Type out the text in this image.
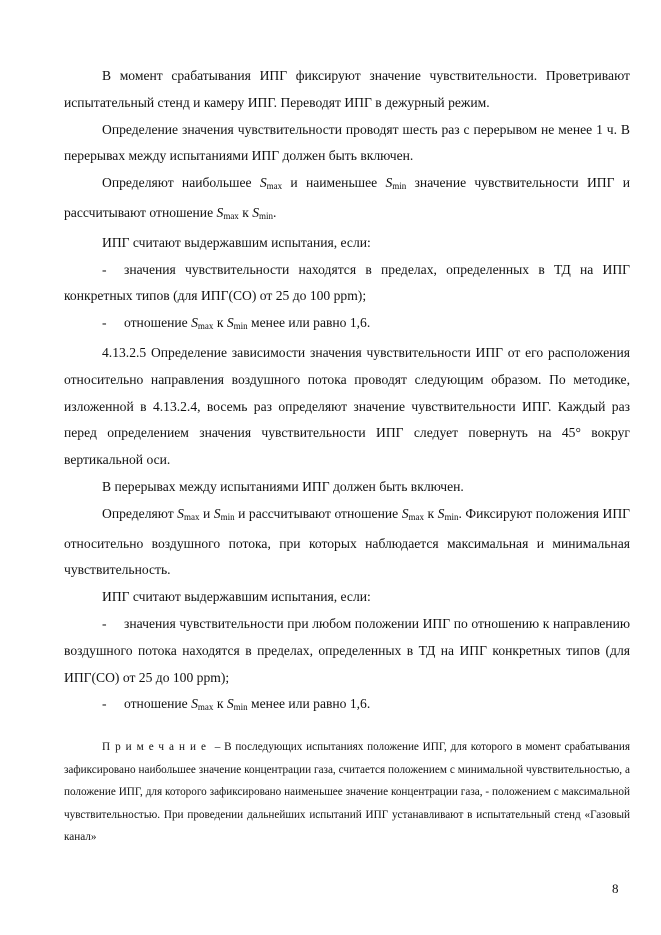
В момент срабатывания ИПГ фиксируют значение чувствительности. Проветривают испытательный стенд и камеру ИПГ. Переводят ИПГ в дежурный режим.

Определение значения чувствительности проводят шесть раз с перерывом не менее 1 ч. В перерывах между испытаниями ИПГ должен быть включен.

Определяют наибольшее $S_{max}$ и наименьшее $S_{min}$ значение чувствительности ИПГ и рассчитывают отношение $S_{max}$ к $S_{min}$.

ИПГ считают выдержавшим испытания, если:

- значения чувствительности находятся в пределах, определенных в ТД на ИПГ конкретных типов (для ИПГ(СО) от 25 до 100 ppm);

- отношение $S_{max}$ к $S_{min}$ менее или равно 1,6.

4.13.2.5 Определение зависимости значения чувствительности ИПГ от его расположения относительно направления воздушного потока проводят следующим образом. По методике, изложенной в 4.13.2.4, восемь раз определяют значение чувствительности ИПГ. Каждый раз перед определением значения чувствительности ИПГ следует повернуть на 45° вокруг вертикальной оси.

В перерывах между испытаниями ИПГ должен быть включен.

Определяют $S_{max}$ и $S_{min}$ и рассчитывают отношение $S_{max}$ к $S_{min}$. Фиксируют положения ИПГ относительно воздушного потока, при которых наблюдается максимальная и минимальная чувствительность.

ИПГ считают выдержавшим испытания, если:

- значения чувствительности при любом положении ИПГ по отношению к направлению воздушного потока находятся в пределах, определенных в ТД на ИПГ конкретных типов (для ИПГ(СО) от 25 до 100 ppm);

- отношение $S_{max}$ к $S_{min}$ менее или равно 1,6.

Примечание – В последующих испытаниях положение ИПГ, для которого в момент срабатывания зафиксировано наибольшее значение концентрации газа, считается положением с минимальной чувствительностью, а положение ИПГ, для которого зафиксировано наименьшее значение концентрации газа, - положением с максимальной чувствительностью. При проведении дальнейших испытаний ИПГ устанавливают в испытательный стенд «Газовый канал»

8
